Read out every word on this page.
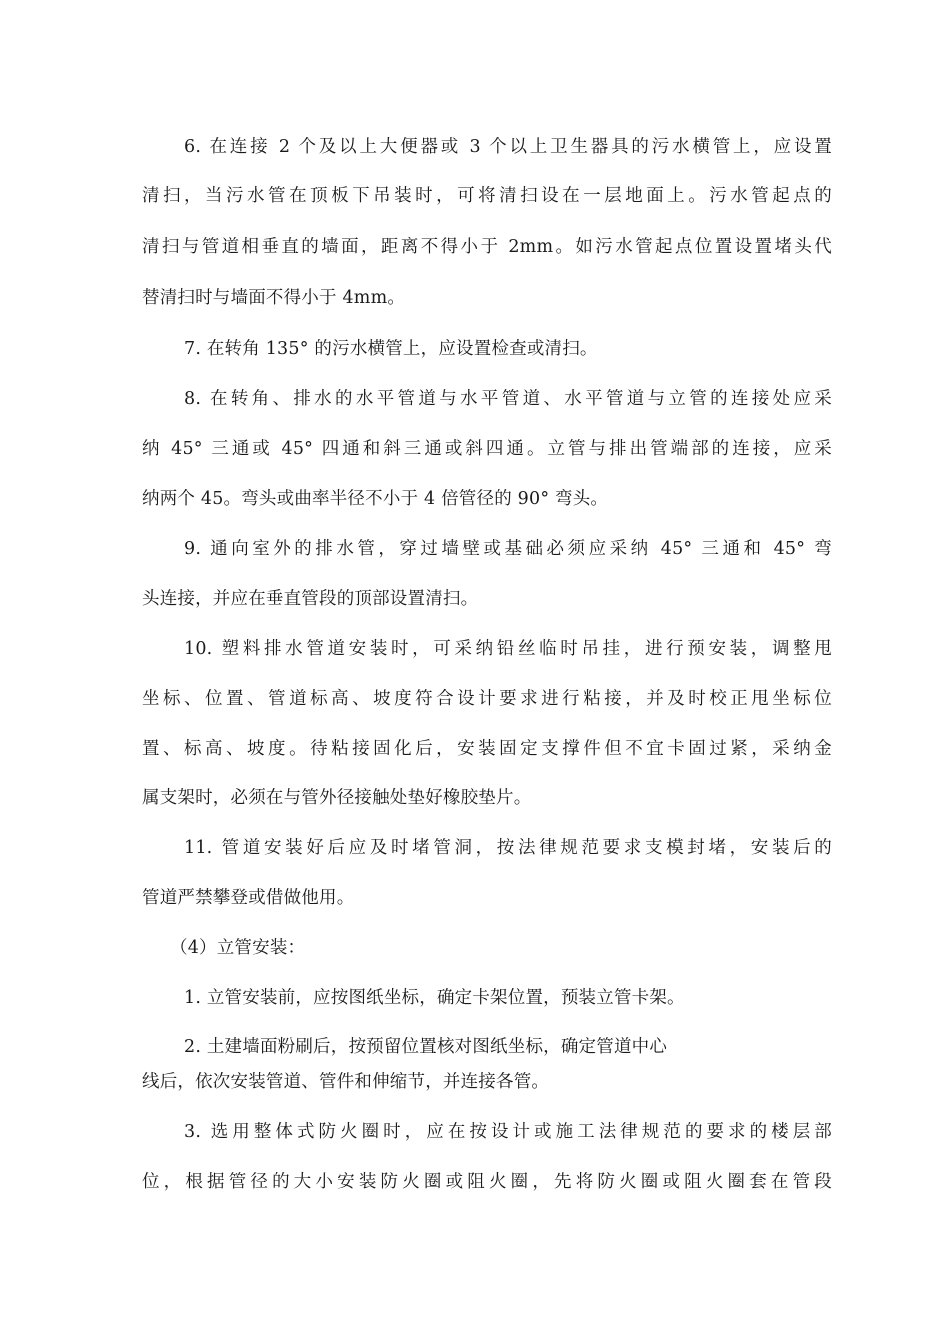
6. 在连接 2 个及以上大便器或 3 个以上卫生器具的污水横管上，应设置
清扫，当污水管在顶板下吊装时，可将清扫设在一层地面上。污水管起点的
清扫与管道相垂直的墙面，距离不得小于 2mm。如污水管起点位置设置堵头代
替清扫时与墙面不得小于 4mm。
7. 在转角 135° 的污水横管上，应设置检查或清扫。
8. 在转角、排水的水平管道与水平管道、水平管道与立管的连接处应采
纳 45° 三通或 45° 四通和斜三通或斜四通。立管与排出管端部的连接，应采
纳两个 45。弯头或曲率半径不小于 4 倍管径的 90° 弯头。
9. 通向室外的排水管，穿过墙壁或基础必须应采纳 45° 三通和 45° 弯
头连接，并应在垂直管段的顶部设置清扫。
10. 塑料排水管道安装时，可采纳铅丝临时吊挂，进行预安装，调整甩
坐标、位置、管道标高、坡度符合设计要求进行粘接，并及时校正甩坐标位
置、标高、坡度。待粘接固化后，安装固定支撑件但不宜卡固过紧，采纳金
属支架时，必须在与管外径接触处垫好橡胶垫片。
11. 管道安装好后应及时堵管洞，按法律规范要求支模封堵，安装后的
管道严禁攀登或借做他用。
（4）立管安装：
1. 立管安装前，应按图纸坐标，确定卡架位置，预装立管卡架。
2. 土建墙面粉刷后，按预留位置核对图纸坐标，确定管道中心
线后，依次安装管道、管件和伸缩节，并连接各管。
3. 选用整体式防火圈时，应在按设计或施工法律规范的要求的楼层部
位，根据管径的大小安装防火圈或阻火圈，先将防火圈或阻火圈套在管段
